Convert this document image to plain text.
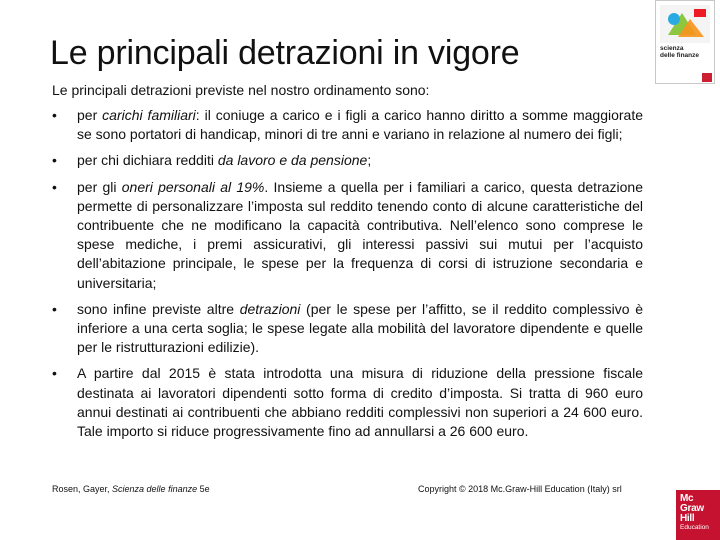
Le principali detrazioni in vigore	scienza
delle finanze
Le principali detrazioni previste nel nostro ordinamento sono:
• per carichi familiari: il coniuge a carico e i figli a carico hanno diritto a somme maggiorate se sono portatori di handicap, minori di tre anni e variano in relazione al numero dei figli;
• per chi dichiara redditi da lavoro e da pensione;
• per gli oneri personali al 19%. Insieme a quella per i familiari a carico, questa detrazione permette di personalizzare l’imposta sul reddito tenendo conto di alcune caratteristiche del contribuente che ne modificano la capacità contributiva. Nell’elenco sono comprese le spese mediche, i premi assicurativi, gli interessi passivi sui mutui per l’acquisto dell’abitazione principale, le spese per la frequenza di corsi di istruzione secondaria e universitaria;
• sono infine previste altre detrazioni (per le spese per l’affitto, se il reddito complessivo è inferiore a una certa soglia; le spese legate alla mobilità del lavoratore dipendente e quelle per le ristrutturazioni edilizie).
• A partire dal 2015 è stata introdotta una misura di riduzione della pressione fiscale destinata ai lavoratori dipendenti sotto forma di credito d’imposta. Si tratta di 960 euro annui destinati ai contribuenti che abbiano redditi complessivi non superiori a 24 600 euro. Tale importo si riduce progressivamente fino ad annullarsi a 26 600 euro.
Rosen, Gayer, Scienza delle finanze 5e	Copyright © 2018 Mc.Graw-Hill Education (Italy) srl
Mc
Graw
Hill
Education
